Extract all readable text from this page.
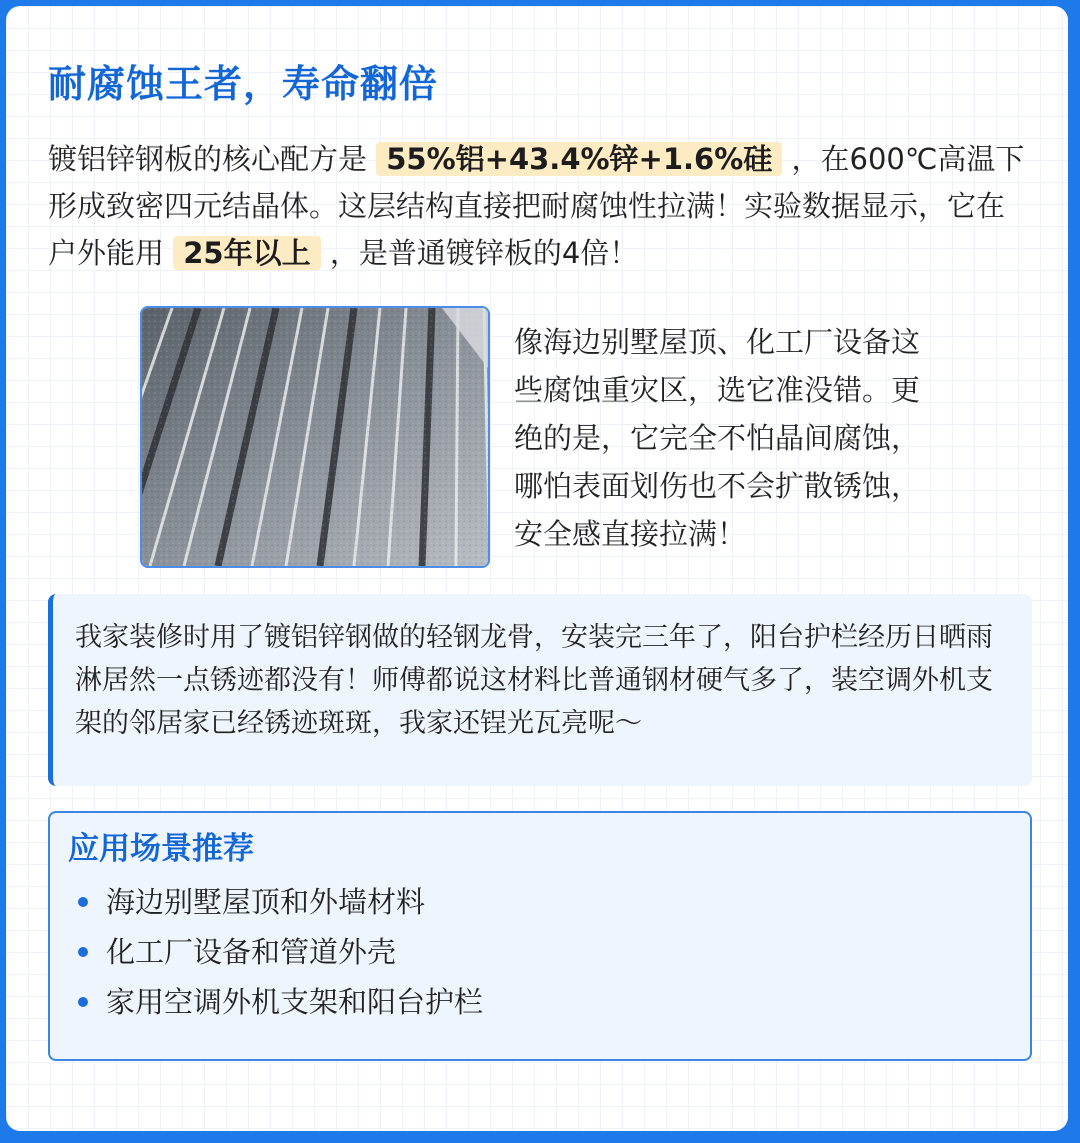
耐腐蚀王者，寿命翻倍

镀铝锌钢板的核心配方是 55%铝+43.4%锌+1.6%硅 ，在600℃高温下形成致密四元结晶体。这层结构直接把耐腐蚀性拉满！实验数据显示，它在户外能用 25年以上 ，是普通镀锌板的4倍！

像海边别墅屋顶、化工厂设备这些腐蚀重灾区，选它准没错。更绝的是，它完全不怕晶间腐蚀，哪怕表面划伤也不会扩散锈蚀，安全感直接拉满！

我家装修时用了镀铝锌钢做的轻钢龙骨，安装完三年了，阳台护栏经历日晒雨淋居然一点锈迹都没有！师傅都说这材料比普通钢材硬气多了，装空调外机支架的邻居家已经锈迹斑斑，我家还锃光瓦亮呢～

应用场景推荐
海边别墅屋顶和外墙材料
化工厂设备和管道外壳
家用空调外机支架和阳台护栏
